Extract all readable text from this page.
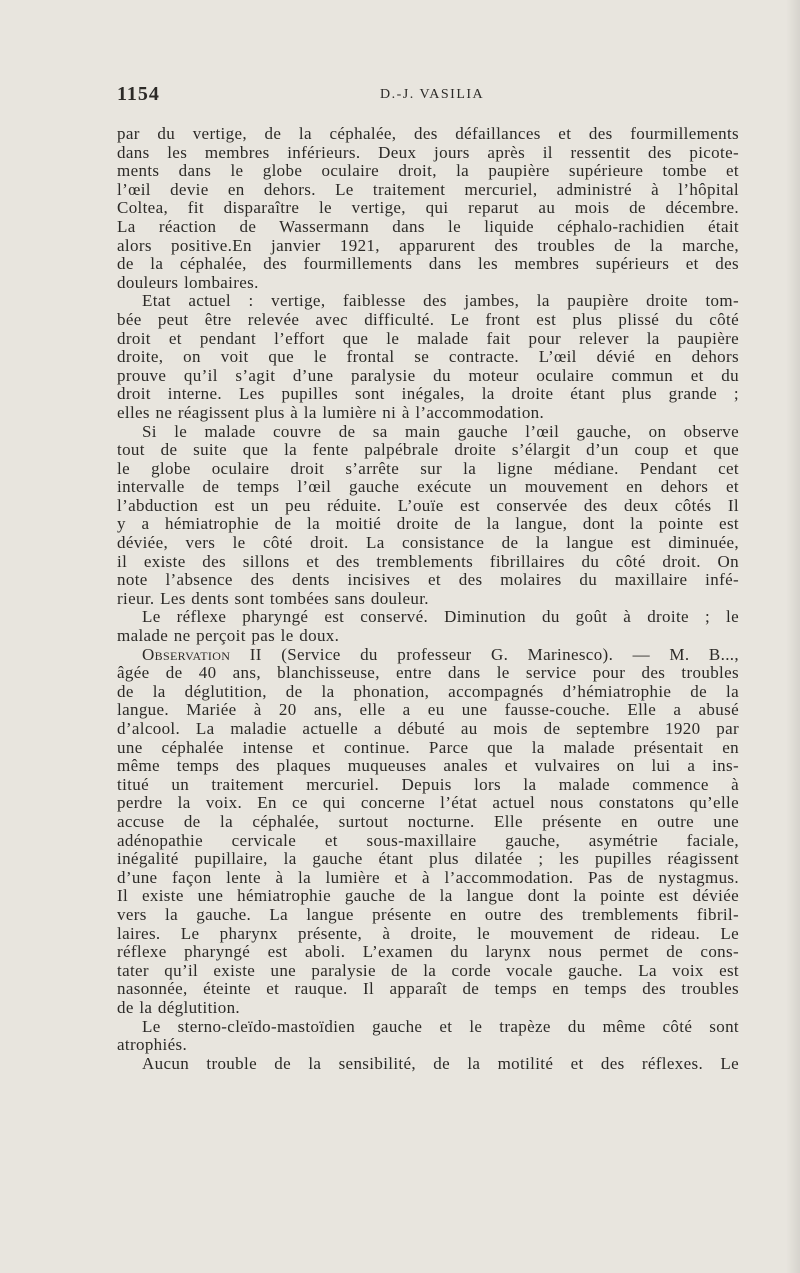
1154	D.-J. VASILIA
par du vertige, de la céphalée, des défaillances et des fourmillements
dans les membres inférieurs. Deux jours après il ressentit des picote-
ments dans le globe oculaire droit, la paupière supérieure tombe et
l’œil devie en dehors. Le traitement mercuriel, administré à l’hôpital
Coltea, fit disparaître le vertige, qui reparut au mois de décembre.
La réaction de Wassermann dans le liquide céphalo-rachidien était
alors positive.En janvier 1921, apparurent des troubles de la marche,
de la céphalée, des fourmillements dans les membres supérieurs et des
douleurs lombaires.
Etat actuel : vertige, faiblesse des jambes, la paupière droite tom-
bée peut être relevée avec difficulté. Le front est plus plissé du côté
droit et pendant l’effort que le malade fait pour relever la paupière
droite, on voit que le frontal se contracte. L’œil dévié en dehors
prouve qu’il s’agit d’une paralysie du moteur oculaire commun et du
droit interne. Les pupilles sont inégales, la droite étant plus grande ;
elles ne réagissent plus à la lumière ni à l’accommodation.
Si le malade couvre de sa main gauche l’œil gauche, on observe
tout de suite que la fente palpébrale droite s’élargit d’un coup et que
le globe oculaire droit s’arrête sur la ligne médiane. Pendant cet
intervalle de temps l’œil gauche exécute un mouvement en dehors et
l’abduction est un peu réduite. L’ouïe est conservée des deux côtés Il
y a hémiatrophie de la moitié droite de la langue, dont la pointe est
déviée, vers le côté droit. La consistance de la langue est diminuée,
il existe des sillons et des tremblements fibrillaires du côté droit. On
note l’absence des dents incisives et des molaires du maxillaire infé-
rieur. Les dents sont tombées sans douleur.
Le réflexe pharyngé est conservé. Diminution du goût à droite ; le
malade ne perçoit pas le doux.
Observation II (Service du professeur G. Marinesco). — M. B...,
âgée de 40 ans, blanchisseuse, entre dans le service pour des troubles
de la déglutition, de la phonation, accompagnés d’hémiatrophie de la
langue. Mariée à 20 ans, elle a eu une fausse-couche. Elle a abusé
d’alcool. La maladie actuelle a débuté au mois de septembre 1920 par
une céphalée intense et continue. Parce que la malade présentait en
même temps des plaques muqueuses anales et vulvaires on lui a ins-
titué un traitement mercuriel. Depuis lors la malade commence à
perdre la voix. En ce qui concerne l’état actuel nous constatons qu’elle
accuse de la céphalée, surtout nocturne. Elle présente en outre une
adénopathie cervicale et sous-maxillaire gauche, asymétrie faciale,
inégalité pupillaire, la gauche étant plus dilatée ; les pupilles réagissent
d’une façon lente à la lumière et à l’accommodation. Pas de nystagmus.
Il existe une hémiatrophie gauche de la langue dont la pointe est déviée
vers la gauche. La langue présente en outre des tremblements fibril-
laires. Le pharynx présente, à droite, le mouvement de rideau. Le
réflexe pharyngé est aboli. L’examen du larynx nous permet de cons-
tater qu’il existe une paralysie de la corde vocale gauche. La voix est
nasonnée, éteinte et rauque. Il apparaît de temps en temps des troubles
de la déglutition.
Le sterno-cleïdo-mastoïdien gauche et le trapèze du même côté sont
atrophiés.
Aucun trouble de la sensibilité, de la motilité et des réflexes. Le
